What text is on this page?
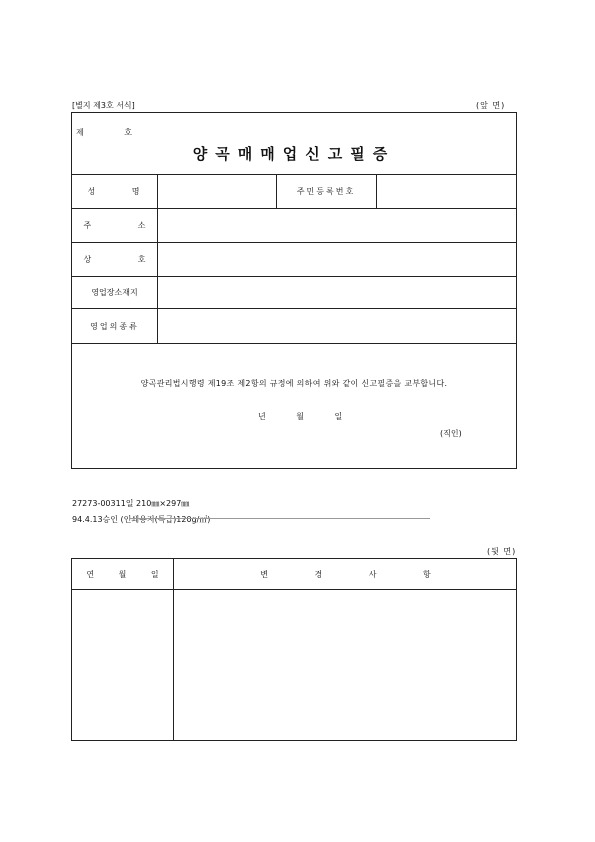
[별지 제3호 서식]	(앞 면)
제 호
양곡매매업신고필증
성 명	주민등록번호
주 소
상 호
영업장소재지
영업의종류
양곡관리법시행령 제19조 제2항의 규정에 의하여 위와 같이 신고필증을 교부합니다.
년 월 일
(직인)
27273-00311일 210㎜×297㎜
94.4.13승인 (인쇄용지(특급)120g/㎡)
(뒷 면)
연 월 일	변 경 사 항
